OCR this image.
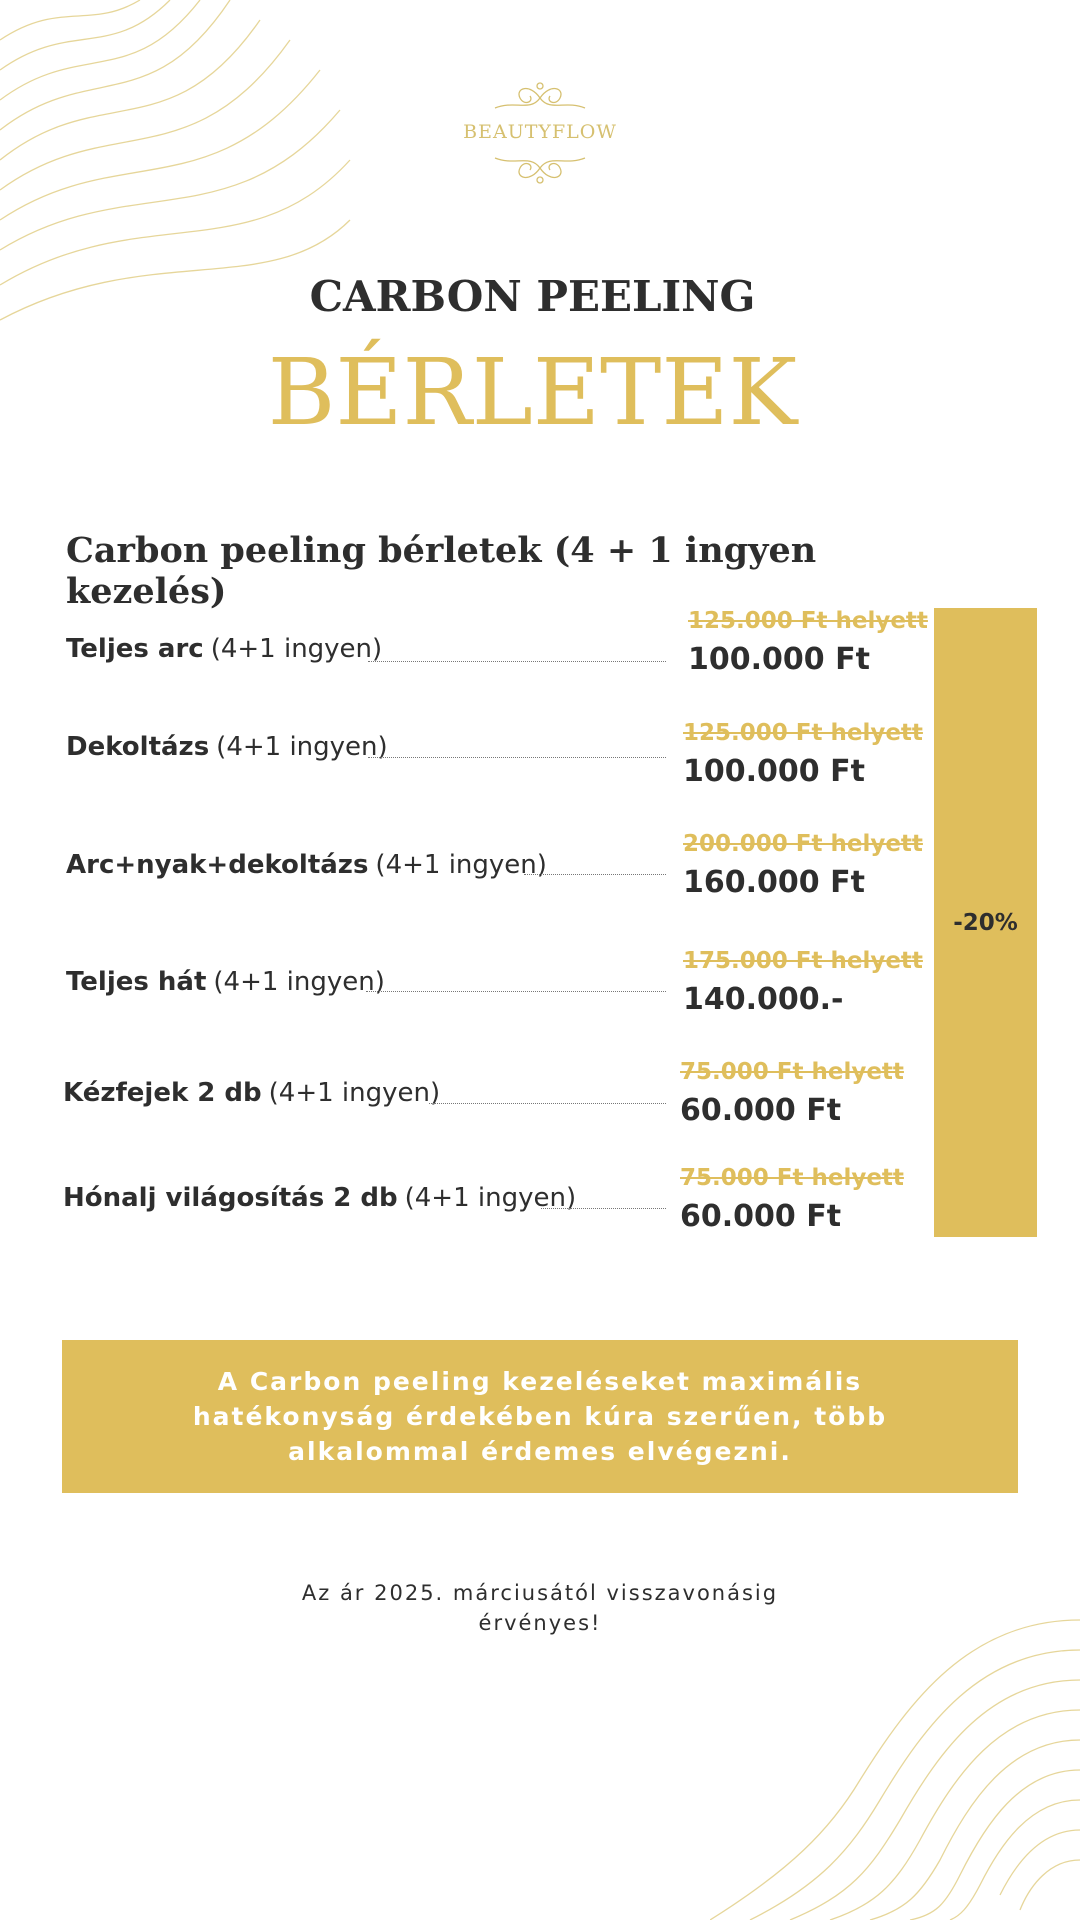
BEAUTYFLOW
CARBON PEELING
BÉRLETEK
Carbon peeling bérletek (4 + 1 ingyen kezelés)
Teljes arc (4+1 ingyen)
125.000 Ft helyett
100.000 Ft
Dekoltázs (4+1 ingyen)	125.000 Ft helyett
100.000 Ft
Arc+nyak+dekoltázs (4+1 ingyen)
200.000 Ft helyett
160.000 Ft
Teljes hát (4+1 ingyen)
175.000 Ft helyett
140.000.-
Kézfejek 2 db (4+1 ingyen)
75.000 Ft helyett
60.000 Ft
Hónalj világosítás 2 db (4+1 ingyen)
75.000 Ft helyett
60.000 Ft
-20%
A Carbon peeling kezeléseket maximális hatékonyság érdekében kúra szerűen, több alkalommal érdemes elvégezni.
Az ár 2025. márciusától visszavonásig
érvényes!
